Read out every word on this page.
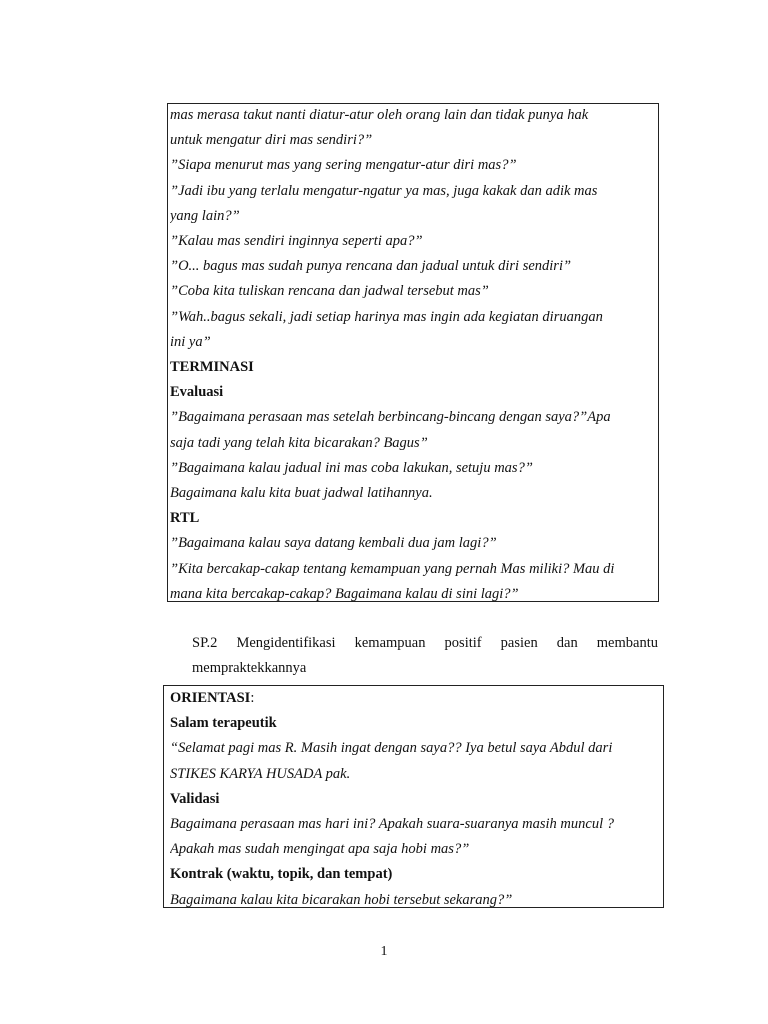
mas merasa takut nanti diatur-atur oleh orang lain dan tidak punya hak
untuk mengatur diri mas sendiri?”
”Siapa menurut mas yang sering mengatur-atur diri mas?”
”Jadi ibu yang terlalu mengatur-ngatur ya mas, juga kakak dan adik mas
yang lain?”
”Kalau mas sendiri inginnya seperti apa?”
”O... bagus mas sudah punya rencana dan jadual untuk diri sendiri”
”Coba kita tuliskan rencana dan jadwal tersebut mas”
”Wah..bagus sekali, jadi setiap harinya mas ingin ada kegiatan diruangan
ini ya”
TERMINASI
Evaluasi
”Bagaimana perasaan mas setelah berbincang-bincang dengan saya?”Apa
saja tadi yang telah kita bicarakan? Bagus”
”Bagaimana kalau jadual ini mas coba lakukan, setuju mas?”
Bagaimana kalu kita buat jadwal latihannya.
RTL
”Bagaimana kalau saya datang kembali dua jam lagi?”
”Kita bercakap-cakap tentang kemampuan yang pernah Mas miliki? Mau di
mana kita bercakap-cakap? Bagaimana kalau di sini lagi?”
SP.2 Mengidentifikasi kemampuan positif pasien dan membantu
mempraktekkannya
ORIENTASI:
Salam terapeutik
“Selamat pagi mas R. Masih ingat dengan saya?? Iya betul saya Abdul dari
STIKES KARYA HUSADA pak.
Validasi
Bagaimana perasaan mas hari ini? Apakah suara-suaranya masih muncul ?
Apakah mas sudah mengingat apa saja hobi mas?”
Kontrak (waktu, topik, dan tempat)
Bagaimana kalau kita bicarakan hobi tersebut sekarang?”
1
